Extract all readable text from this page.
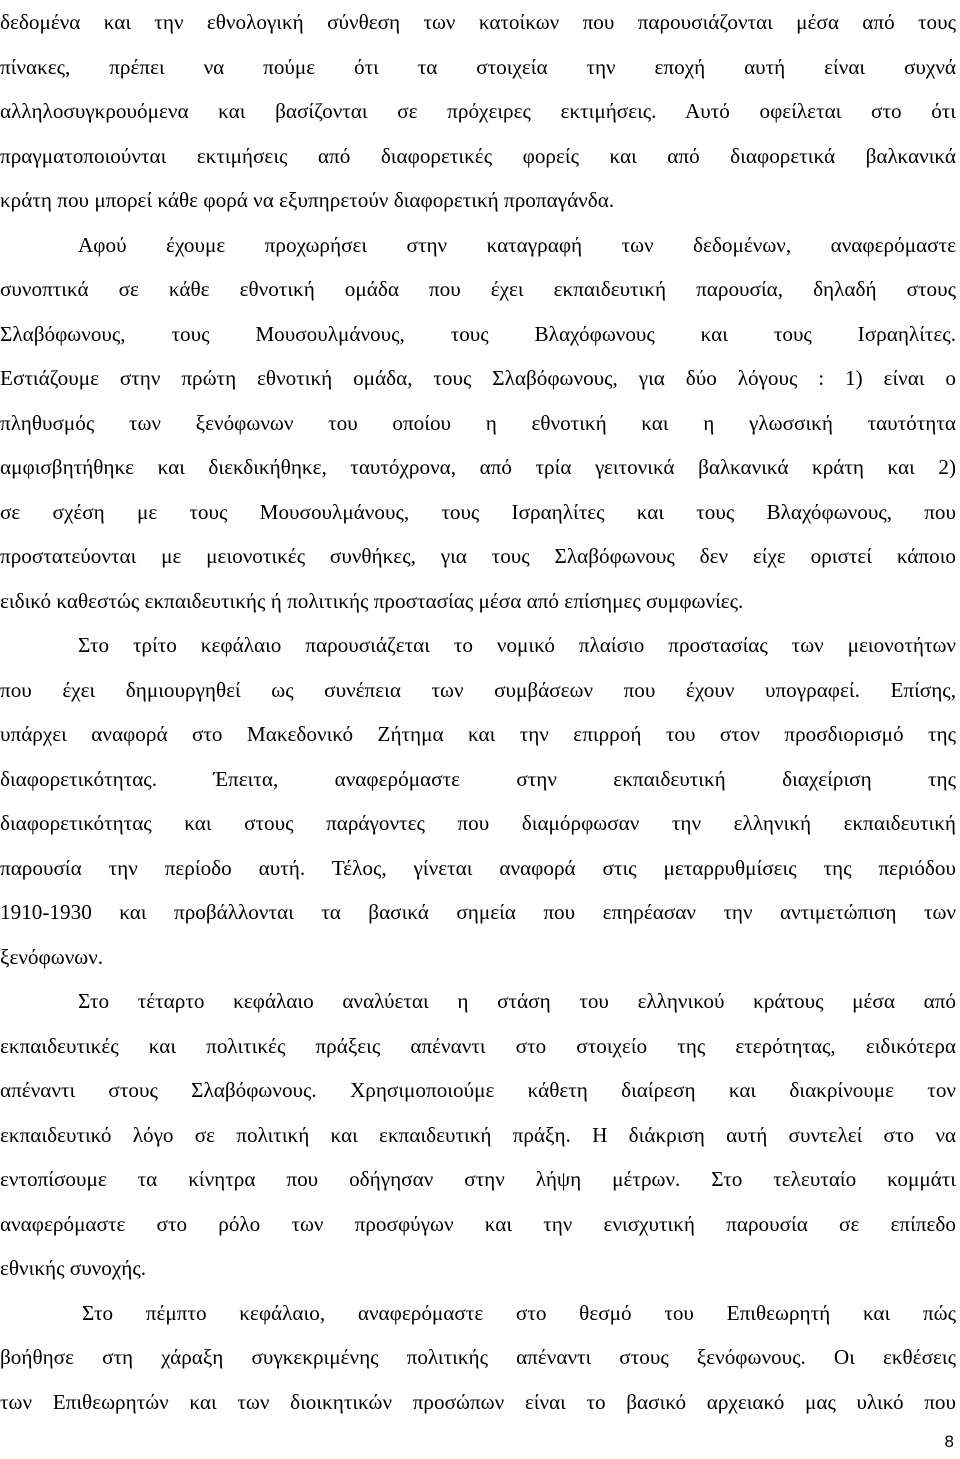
δεδομένα και την εθνολογική σύνθεση των κατοίκων που παρουσιάζονται μέσα από τους
πίνακες, πρέπει να πούμε ότι τα στοιχεία την εποχή αυτή είναι συχνά
αλληλοσυγκρουόμενα και βασίζονται σε πρόχειρες εκτιμήσεις. Αυτό οφείλεται στο ότι
πραγματοποιούνται εκτιμήσεις από διαφορετικές φορείς και από διαφορετικά βαλκανικά
κράτη που μπορεί κάθε φορά να εξυπηρετούν διαφορετική προπαγάνδα.
Αφού έχουμε προχωρήσει στην καταγραφή των δεδομένων, αναφερόμαστε
συνοπτικά σε κάθε εθνοτική ομάδα που έχει εκπαιδευτική παρουσία, δηλαδή στους
Σλαβόφωνους, τους Μουσουλμάνους, τους Βλαχόφωνους και τους Ισραηλίτες.
Εστιάζουμε στην πρώτη εθνοτική ομάδα, τους Σλαβόφωνους, για δύο λόγους : 1) είναι ο
πληθυσμός των ξενόφωνων του οποίου η εθνοτική και η γλωσσική ταυτότητα
αμφισβητήθηκε και διεκδικήθηκε, ταυτόχρονα, από τρία γειτονικά βαλκανικά κράτη και 2)
σε σχέση με τους Μουσουλμάνους, τους Ισραηλίτες και τους Βλαχόφωνους, που
προστατεύονται με μειονοτικές συνθήκες, για τους Σλαβόφωνους δεν είχε οριστεί κάποιο
ειδικό καθεστώς εκπαιδευτικής ή πολιτικής προστασίας μέσα από επίσημες συμφωνίες.
Στο τρίτο κεφάλαιο παρουσιάζεται το νομικό πλαίσιο προστασίας των μειονοτήτων
που έχει δημιουργηθεί ως συνέπεια των συμβάσεων που έχουν υπογραφεί. Επίσης,
υπάρχει αναφορά στο Μακεδονικό Ζήτημα και την επιρροή του στον προσδιορισμό της
διαφορετικότητας. Έπειτα, αναφερόμαστε στην εκπαιδευτική διαχείριση της
διαφορετικότητας και στους παράγοντες που διαμόρφωσαν την ελληνική εκπαιδευτική
παρουσία την περίοδο αυτή. Τέλος, γίνεται αναφορά στις μεταρρυθμίσεις της περιόδου
1910-1930 και προβάλλονται τα βασικά σημεία που επηρέασαν την αντιμετώπιση των
ξενόφωνων.
Στο τέταρτο κεφάλαιο αναλύεται η στάση του ελληνικού κράτους μέσα από
εκπαιδευτικές και πολιτικές πράξεις απέναντι στο στοιχείο της ετερότητας, ειδικότερα
απέναντι στους Σλαβόφωνους. Χρησιμοποιούμε κάθετη διαίρεση και διακρίνουμε τον
εκπαιδευτικό λόγο σε πολιτική και εκπαιδευτική πράξη. Η διάκριση αυτή συντελεί στο να
εντοπίσουμε τα κίνητρα που οδήγησαν στην λήψη μέτρων. Στο τελευταίο κομμάτι
αναφερόμαστε στο ρόλο των προσφύγων και την ενισχυτική παρουσία σε επίπεδο
εθνικής συνοχής.
Στο πέμπτο κεφάλαιο, αναφερόμαστε στο θεσμό του Επιθεωρητή και πώς
βοήθησε στη χάραξη συγκεκριμένης πολιτικής απέναντι στους ξενόφωνους. Οι εκθέσεις
των Επιθεωρητών και των διοικητικών προσώπων είναι το βασικό αρχειακό μας υλικό που
8
